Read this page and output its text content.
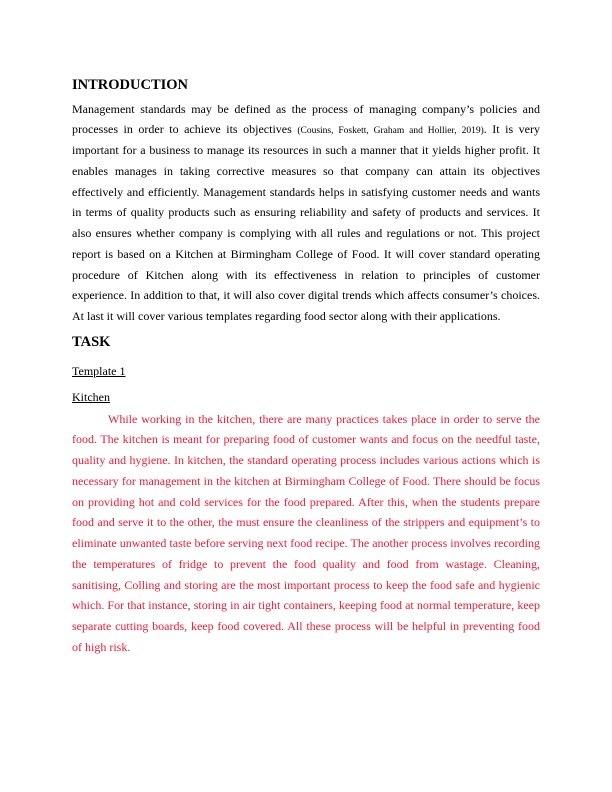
INTRODUCTION
Management standards may be defined as the process of managing company’s policies and
processes in order to achieve its objectives (Cousins, Foskett, Graham and Hollier, 2019). It is very
important for a business to manage its resources in such a manner that it yields higher profit. It
enables manages in taking corrective measures so that company can attain its objectives
effectively and efficiently. Management standards helps in satisfying customer needs and wants
in terms of quality products such as ensuring reliability and safety of products and services. It
also ensures whether company is complying with all rules and regulations or not. This project
report is based on a Kitchen at Birmingham College of Food. It will cover standard operating
procedure of Kitchen along with its effectiveness in relation to principles of customer
experience. In addition to that, it will also cover digital trends which affects consumer’s choices.
At last it will cover various templates regarding food sector along with their applications.
TASK
Template 1
Kitchen
While working in the kitchen, there are many practices takes place in order to serve the
food. The kitchen is meant for preparing food of customer wants and focus on the needful taste,
quality and hygiene. In kitchen, the standard operating process includes various actions which is
necessary for management in the kitchen at Birmingham College of Food. There should be focus
on providing hot and cold services for the food prepared. After this, when the students prepare
food and serve it to the other, the must ensure the cleanliness of the strippers and equipment’s to
eliminate unwanted taste before serving next food recipe. The another process involves recording
the temperatures of fridge to prevent the food quality and food from wastage. Cleaning,
sanitising, Colling and storing are the most important process to keep the food safe and hygienic
which. For that instance, storing in air tight containers, keeping food at normal temperature, keep
separate cutting boards, keep food covered. All these process will be helpful in preventing food
of high risk.
